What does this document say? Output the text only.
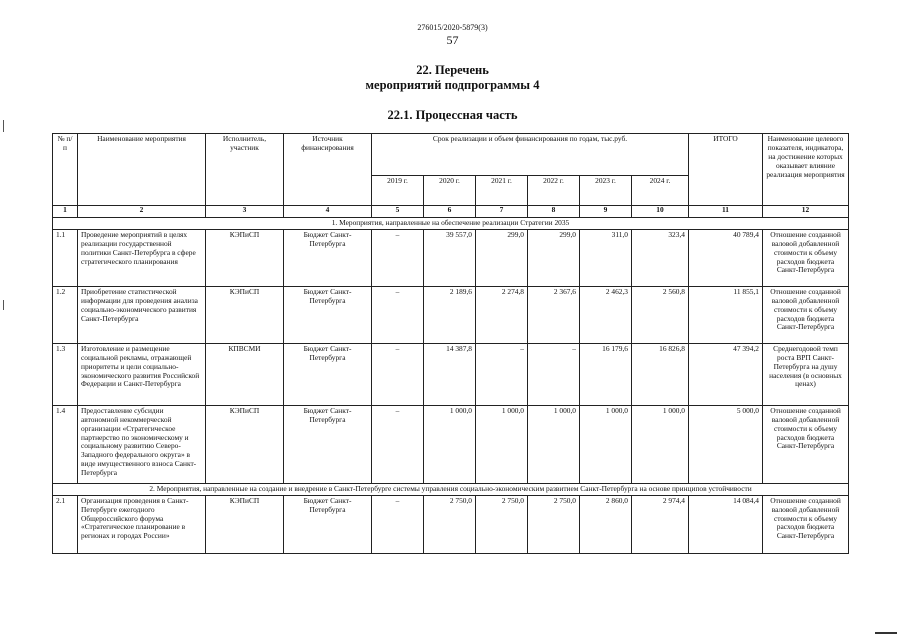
276015/2020-5879(3)
57
22. Перечень
мероприятий подпрограммы 4
22.1. Процессная часть
№ п/п	Наименование мероприятия	Исполнитель, участник	Источник финансирования	Срок реализации и объем финансирования по годам, тыс.руб.						ИТОГО	Наименование целевого показателя, индикатора, на достижение которых оказывает влияние реализация мероприятия
				2019 г.	2020 г.	2021 г.	2022 г.	2023 г.	2024 г.		
1	2	3	4	5	6	7	8	9	10	11	12
1. Мероприятия, направленные на обеспечение реализации Стратегии 2035											
1.1	Проведение мероприятий в целях реализации государственной политики Санкт-Петербурга в сфере стратегического планирования	КЭПиСП	Бюджет Санкт-Петербурга	–	39 557,0	299,0	299,0	311,0	323,4	40 789,4	Отношение созданной валовой добавленной стоимости к объему расходов бюджета Санкт-Петербурга
1.2	Приобретение статистической информации для проведения анализа социально-экономического развития Санкт-Петербурга	КЭПиСП	Бюджет Санкт-Петербурга	–	2 189,6	2 274,8	2 367,6	2 462,3	2 560,8	11 855,1	Отношение созданной валовой добавленной стоимости к объему расходов бюджета Санкт-Петербурга
1.3	Изготовление и размещение социальной рекламы, отражающей приоритеты и цели социально-экономического развития Российской Федерации и Санкт-Петербурга	КПВСМИ	Бюджет Санкт-Петербурга	–	14 387,8	–	–	16 179,6	16 826,8	47 394,2	Среднегодовой темп роста ВРП Санкт-Петербурга на душу населения (в основных ценах)
1.4	Предоставление субсидии автономной некоммерческой организации «Стратегическое партнерство по экономическому и социальному развитию Северо-Западного федерального округа» в виде имущественного взноса Санкт-Петербурга	КЭПиСП	Бюджет Санкт-Петербурга	–	1 000,0	1 000,0	1 000,0	1 000,0	1 000,0	5 000,0	Отношение созданной валовой добавленной стоимости к объему расходов бюджета Санкт-Петербурга
2. Мероприятия, направленные на создание и внедрение в Санкт-Петербурге системы управления социально-экономическим развитием Санкт-Петербурга на основе принципов устойчивости											
2.1	Организация проведения в Санкт-Петербурге ежегодного Общероссийского форума «Стратегическое планирование в регионах и городах России»	КЭПиСП	Бюджет Санкт-Петербурга	–	2 750,0	2 750,0	2 750,0	2 860,0	2 974,4	14 084,4	Отношение созданной валовой добавленной стоимости к объему расходов бюджета Санкт-Петербурга
